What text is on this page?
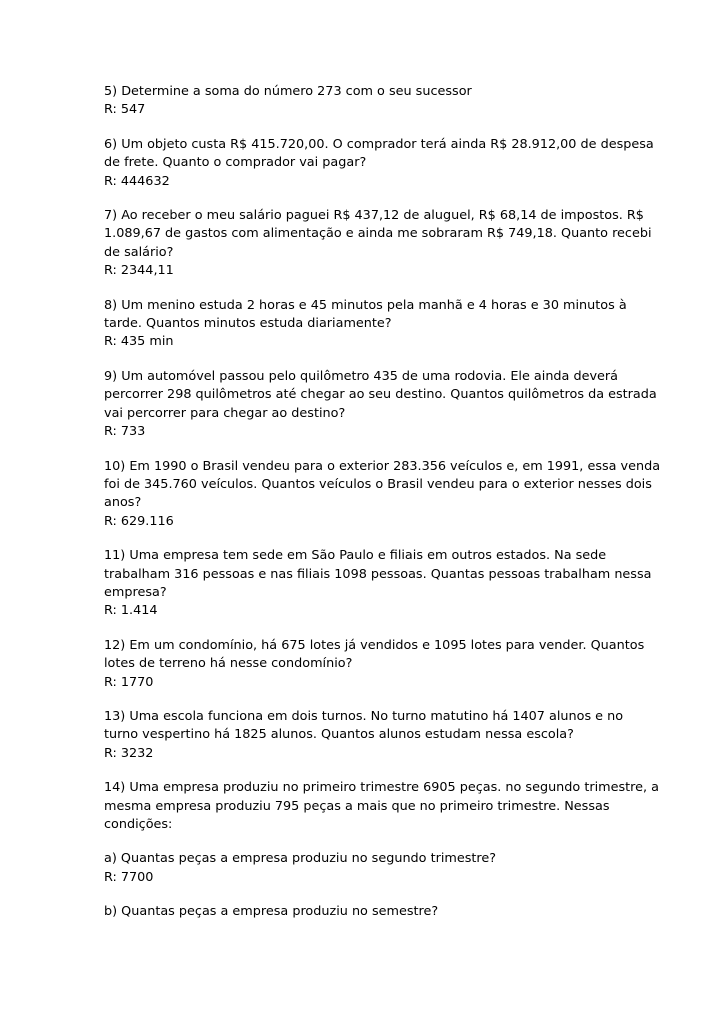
5) Determine a soma do número 273 com o seu sucessor

R: 547

6) Um objeto custa R$ 415.720,00. O comprador terá ainda R$ 28.912,00 de despesa
de frete. Quanto o comprador vai pagar?

R: 444632

7) Ao receber o meu salário paguei R$ 437,12 de aluguel, R$ 68,14 de impostos. R$
1.089,67 de gastos com alimentação e ainda me sobraram R$ 749,18. Quanto recebi
de salário?

R: 2344,11

8) Um menino estuda 2 horas e 45 minutos pela manhã e 4 horas e 30 minutos à
tarde. Quantos minutos estuda diariamente?

R: 435 min

9) Um automóvel passou pelo quilômetro 435 de uma rodovia. Ele ainda deverá
percorrer 298 quilômetros até chegar ao seu destino. Quantos quilômetros da estrada
vai percorrer para chegar ao destino?

R: 733

10) Em 1990 o Brasil vendeu para o exterior 283.356 veículos e, em 1991, essa venda
foi de 345.760 veículos. Quantos veículos o Brasil vendeu para o exterior nesses dois
anos?

R: 629.116

11) Uma empresa tem sede em São Paulo e filiais em outros estados. Na sede
trabalham 316 pessoas e nas filiais 1098 pessoas. Quantas pessoas trabalham nessa
empresa?

R: 1.414

12) Em um condomínio, há 675 lotes já vendidos e 1095 lotes para vender. Quantos
lotes de terreno há nesse condomínio?

R: 1770

13) Uma escola funciona em dois turnos. No turno matutino há 1407 alunos e no
turno vespertino há 1825 alunos. Quantos alunos estudam nessa escola?

R: 3232

14) Uma empresa produziu no primeiro trimestre 6905 peças. no segundo trimestre, a
mesma empresa produziu 795 peças a mais que no primeiro trimestre. Nessas
condições:

a) Quantas peças a empresa produziu no segundo trimestre?

R: 7700

b) Quantas peças a empresa produziu no semestre?
